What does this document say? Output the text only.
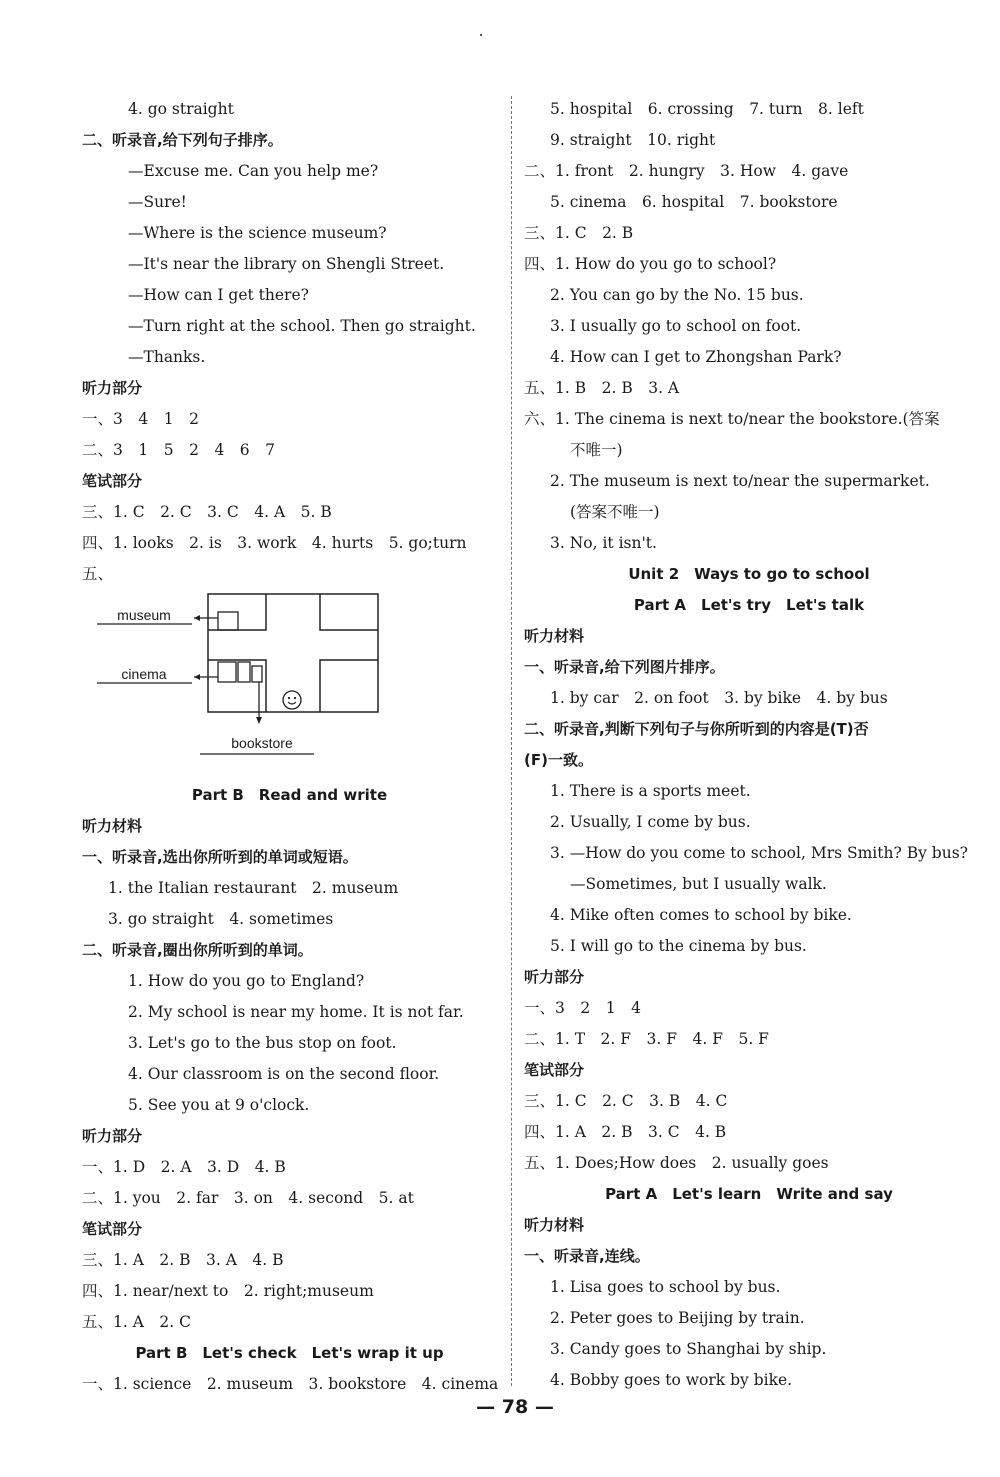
4. go straight
二、听录音,给下列句子排序。
—Excuse me. Can you help me?
—Sure!
—Where is the science museum?
—It's near the library on Shengli Street.
—How can I get there?
—Turn right at the school. Then go straight.
—Thanks.
听力部分
一、3　4　1　2
二、3　1　5　2　4　6　7
笔试部分
三、1. C　2. C　3. C　4. A　5. B
四、1. looks　2. is　3. work　4. hurts　5. go;turn
五、
museum
cinema
bookstore
Part B　Read and write
听力材料
一、听录音,选出你所听到的单词或短语。
1. the Italian restaurant　2. museum
3. go straight　4. sometimes
二、听录音,圈出你所听到的单词。
1. How do you go to England?
2. My school is near my home. It is not far.
3. Let's go to the bus stop on foot.
4. Our classroom is on the second floor.
5. See you at 9 o'clock.
听力部分
一、1. D　2. A　3. D　4. B
二、1. you　2. far　3. on　4. second　5. at
笔试部分
三、1. A　2. B　3. A　4. B
四、1. near/next to　2. right;museum
五、1. A　2. C
Part B　Let's check　Let's wrap it up
一、1. science　2. museum　3. bookstore　4. cinema
5. hospital　6. crossing　7. turn　8. left
9. straight　10. right
二、1. front　2. hungry　3. How　4. gave
5. cinema　6. hospital　7. bookstore
三、1. C　2. B
四、1. How do you go to school?
2. You can go by the No. 15 bus.
3. I usually go to school on foot.
4. How can I get to Zhongshan Park?
五、1. B　2. B　3. A
六、1. The cinema is next to/near the bookstore.(答案
不唯一)
2. The museum is next to/near the supermarket.
(答案不唯一)
3. No, it isn't.
Unit 2　Ways to go to school
Part A　Let's try　Let's talk
听力材料
一、听录音,给下列图片排序。
1. by car　2. on foot　3. by bike　4. by bus
二、听录音,判断下列句子与你所听到的内容是(T)否
(F)一致。
1. There is a sports meet.
2. Usually, I come by bus.
3. —How do you come to school, Mrs Smith? By bus?
—Sometimes, but I usually walk.
4. Mike often comes to school by bike.
5. I will go to the cinema by bus.
听力部分
一、3　2　1　4
二、1. T　2. F　3. F　4. F　5. F
笔试部分
三、1. C　2. C　3. B　4. C
四、1. A　2. B　3. C　4. B
五、1. Does;How does　2. usually goes
Part A　Let's learn　Write and say
听力材料
一、听录音,连线。
1. Lisa goes to school by bus.
2. Peter goes to Beijing by train.
3. Candy goes to Shanghai by ship.
4. Bobby goes to work by bike.
— 78 —
